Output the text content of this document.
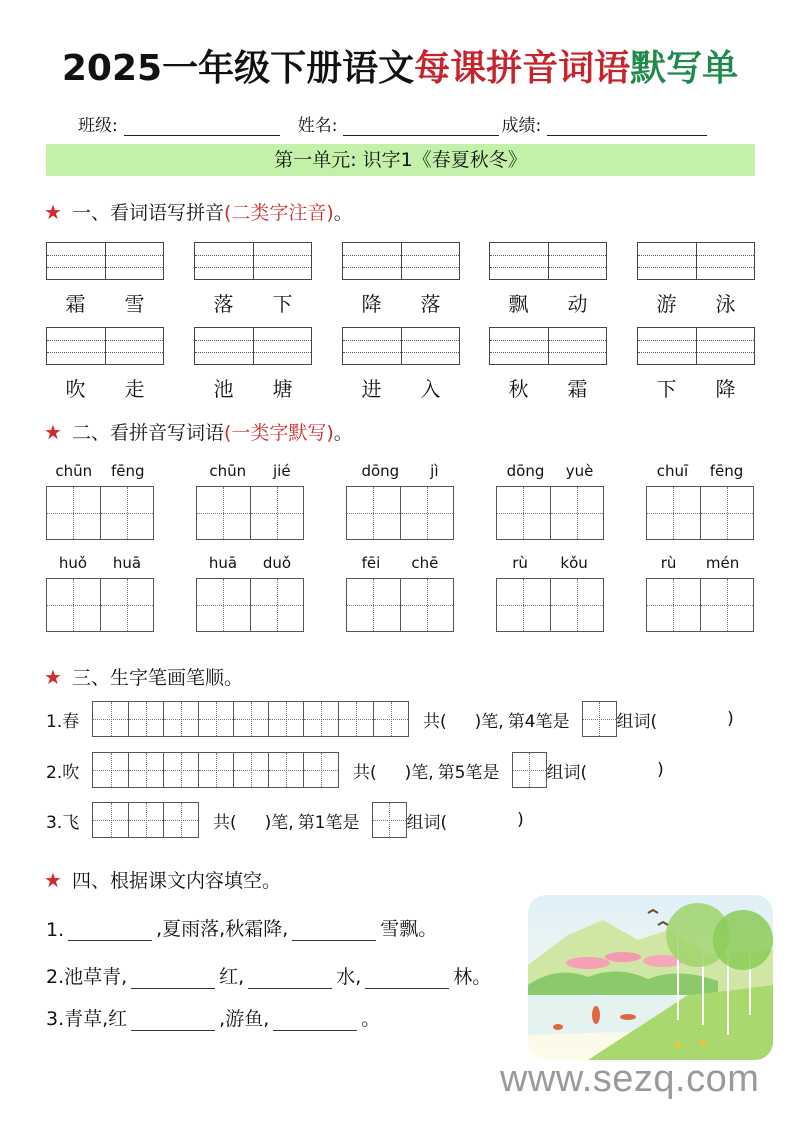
2025一年级下册语文每课拼音词语默写单
班级:	姓名:	成绩:
第一单元: 识字1《春夏秋冬》
★ 一、看词语写拼音 (二类字注音) 。
霜 雪	落 下	降 落	飘 动	游 泳
吹 走	池 塘	进 入	秋 霜	下 降
★ 二、看拼音写词语 (一类字默写) 。
chūn fēng	chūn jié	dōng jì	dōng yuè	chuī fēng
huǒ huā	huā duǒ	fēi chē	rù kǒu	rù mén
★ 三、生字笔画笔顺。
1.春	共( )笔, 第4笔是	组词(	)
2.吹	共( )笔, 第5笔是	组词(	)
3.飞	共( )笔, 第1笔是	组词(	)
★ 四、根据课文内容填空。
1.	,夏雨落,秋霜降,	雪飘。
2.池草青,	红,	水,	林。
3.青草,红	,游鱼,	。
www.sezq.com
